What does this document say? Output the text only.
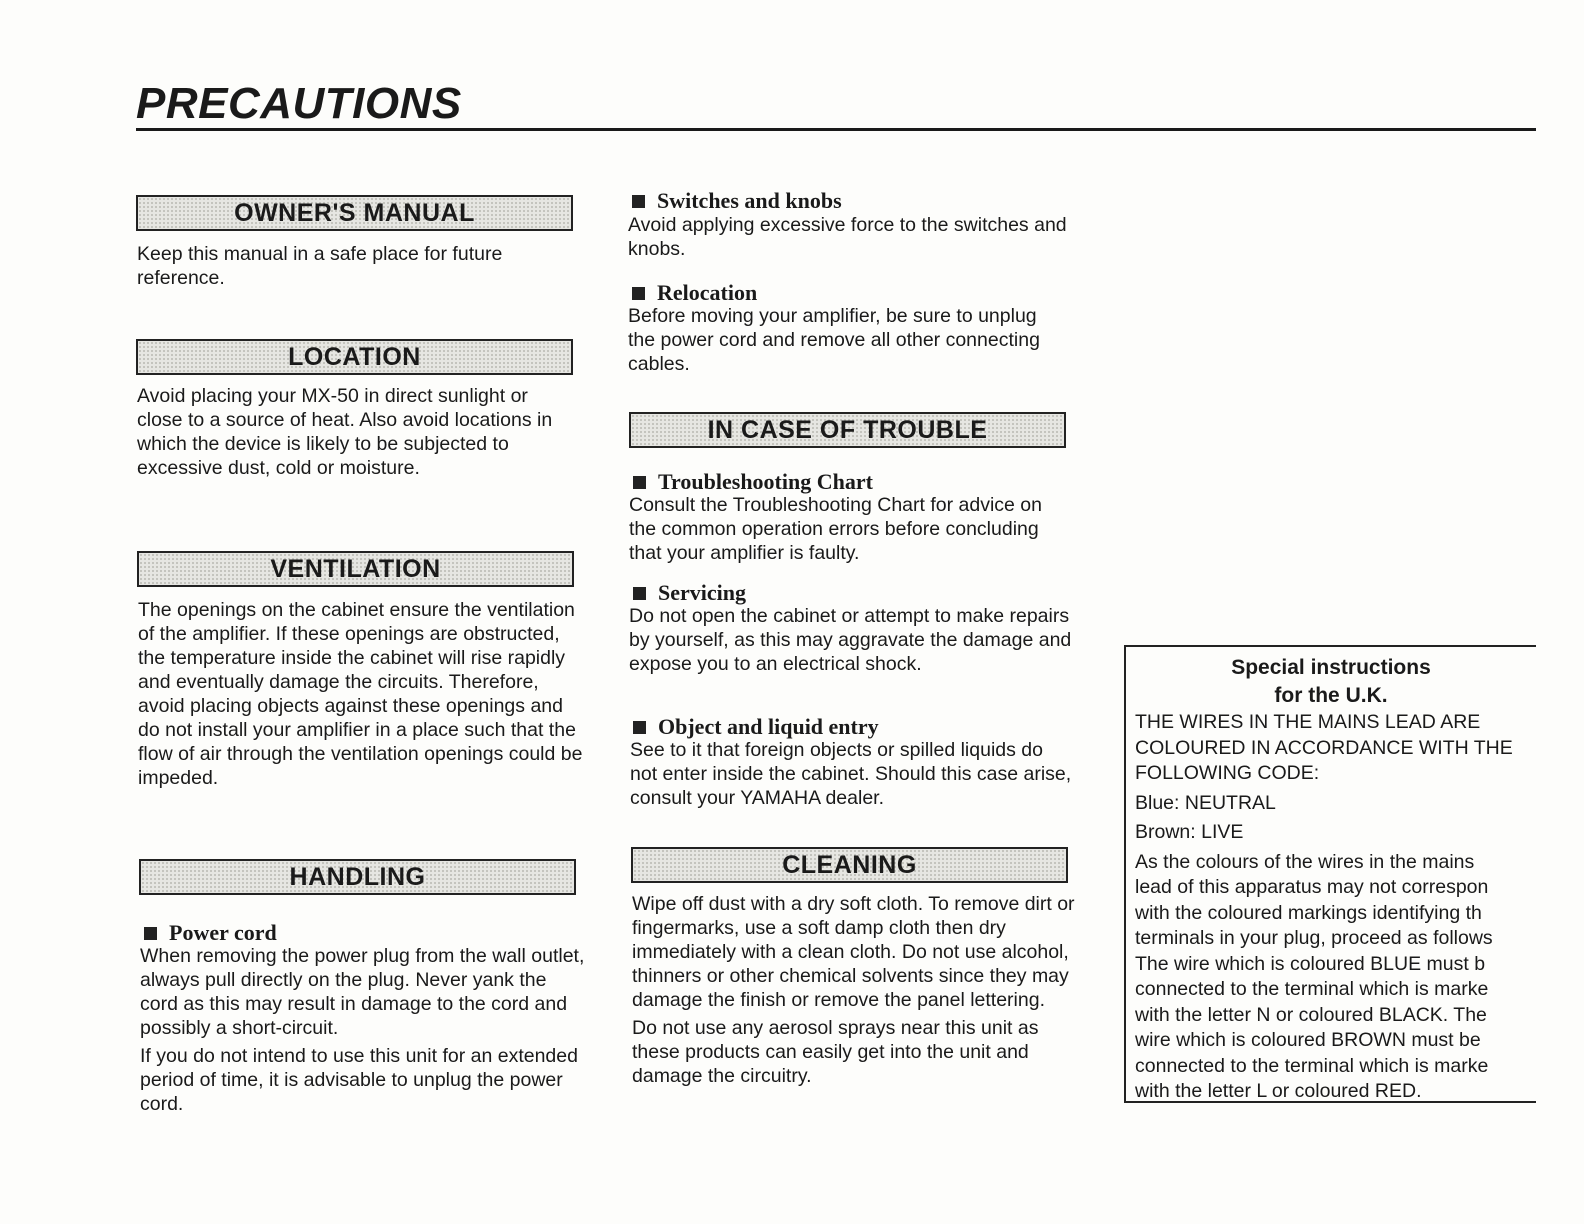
PRECAUTIONS
OWNER'S MANUAL

Keep this manual in a safe place for future reference.

LOCATION

Avoid placing your MX-50 in direct sunlight or close to a source of heat. Also avoid locations in which the device is likely to be subjected to excessive dust, cold or moisture.

VENTILATION

The openings on the cabinet ensure the ventilation of the amplifier. If these openings are obstructed, the temperature inside the cabinet will rise rapidly and eventually damage the circuits. Therefore, avoid placing objects against these openings and do not install your amplifier in a place such that the flow of air through the ventilation openings could be impeded.

HANDLING
Power cord

When removing the power plug from the wall outlet, always pull directly on the plug. Never yank the cord as this may result in damage to the cord and possibly a short-circuit.

If you do not intend to use this unit for an extended period of time, it is advisable to unplug the power cord.

Switches and knobs

Avoid applying excessive force to the switches and knobs.

Relocation

Before moving your amplifier, be sure to unplug the power cord and remove all other connecting cables.

IN CASE OF TROUBLE
Troubleshooting Chart

Consult the Troubleshooting Chart for advice on the common operation errors before concluding that your amplifier is faulty.

Servicing

Do not open the cabinet or attempt to make repairs by yourself, as this may aggravate the damage and expose you to an electrical shock.

Object and liquid entry

See to it that foreign objects or spilled liquids do not enter inside the cabinet. Should this case arise, consult your YAMAHA dealer.

CLEANING

Wipe off dust with a dry soft cloth. To remove dirt or fingermarks, use a soft damp cloth then dry immediately with a clean cloth. Do not use alcohol, thinners or other chemical solvents since they may damage the finish or remove the panel lettering.

Do not use any aerosol sprays near this unit as these products can easily get into the unit and damage the circuitry.

Special instructions
for the U.K.
THE WIRES IN THE MAINS LEAD ARE
COLOURED IN ACCORDANCE WITH THE
FOLLOWING CODE:
Blue: NEUTRAL
Brown: LIVE
As the colours of the wires in the mains
lead of this apparatus may not correspon
with the coloured markings identifying th
terminals in your plug, proceed as follows
The wire which is coloured BLUE must b
connected to the terminal which is marke
with the letter N or coloured BLACK. The
wire which is coloured BROWN must be
connected to the terminal which is marke
with the letter L or coloured RED.
